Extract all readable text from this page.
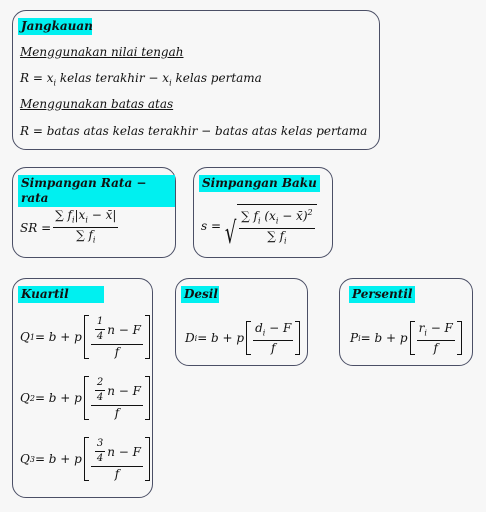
Jangkauan
Menggunakan nilai tengah
$R = x_i$ kelas terakhir − $x_i$ kelas pertama
Menggunakan batas atas
R = batas atas kelas terakhir − batas atas kelas pertama
Simpangan Rata − rata
SR = $\frac{\sum f_i|x_i - x̄|}{\sum f_i}$
Simpangan Baku
s = √ $\frac{\sum f_i (x_i - x̄)^2}{\sum f_i}$
Kuartil
Q 1 = b + p $\frac{\frac{1}{4} n - F}{f}$
Q 2 = b + p $\frac{\frac{2}{4} n - F}{f}$
Q 3 = b + p $\frac{\frac{3}{4} n - F}{f}$
Desil
D i = b + p $\frac{d_i - F}{f}$
Persentil
P i = b + p $\frac{r_i - F}{f}$
